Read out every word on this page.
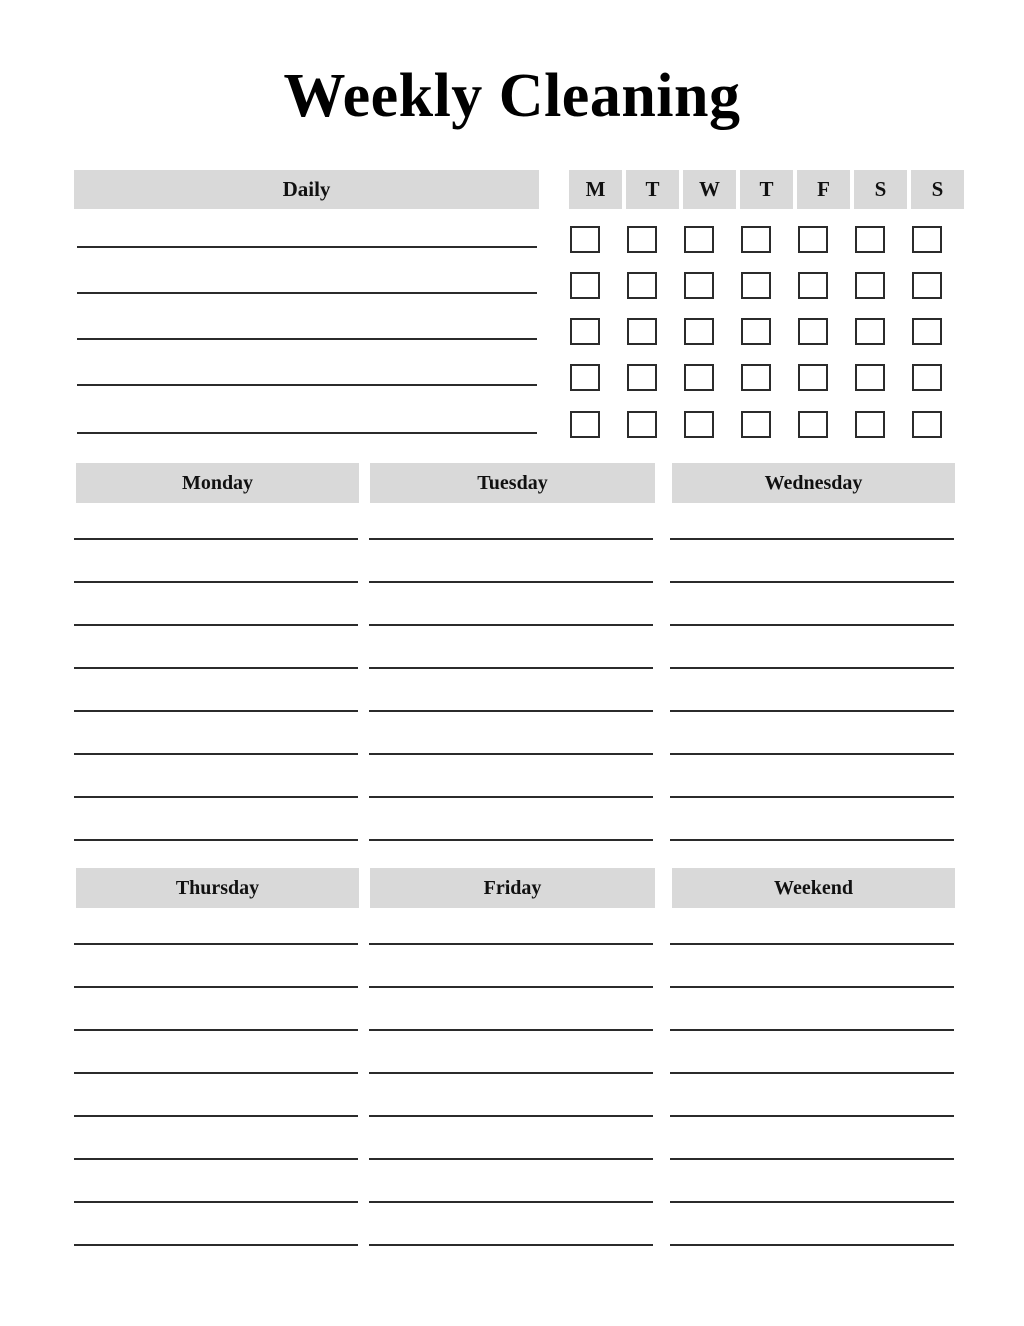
Weekly Cleaning
Daily	M	T	W	T	F	S	S
Monday	Tuesday	Wednesday
Thursday	Friday	Weekend
